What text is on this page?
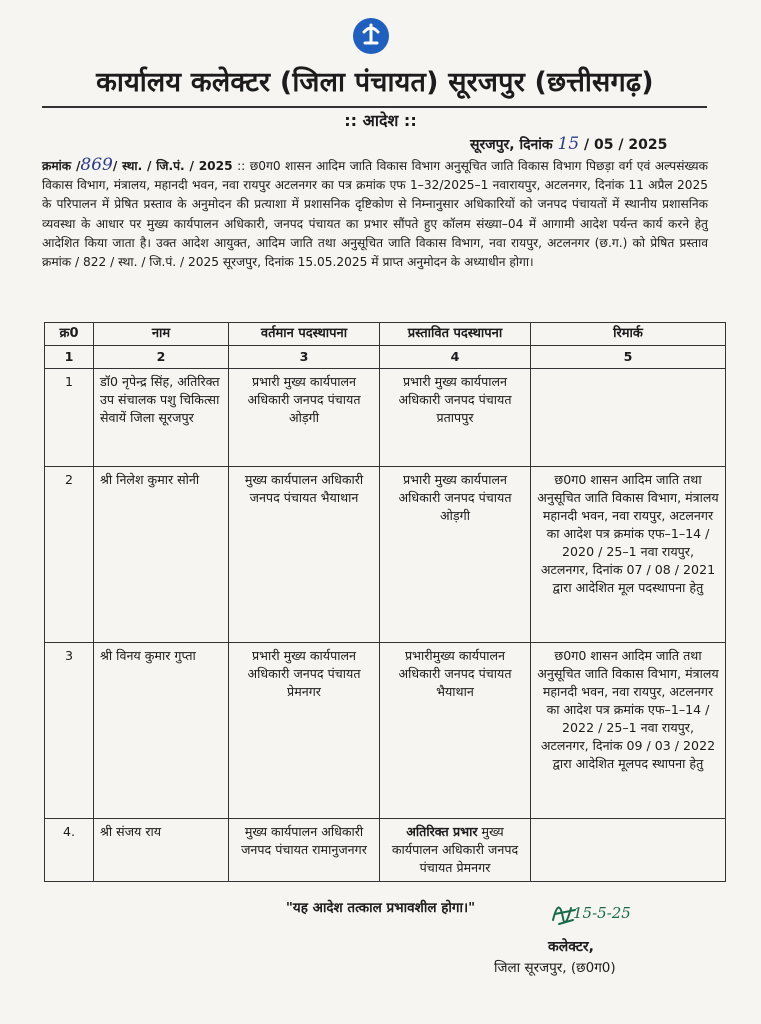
कार्यालय कलेक्टर (जिला पंचायत) सूरजपुर (छत्तीसगढ़)
:: आदेश ::
सूरजपुर, दिनांक 15 / 05 / 2025
क्रमांक /869/ स्था. / जि.पं. / 2025 :: छ0ग0 शासन आदिम जाति विकास विभाग अनुसूचित जाति विकास विभाग पिछड़ा वर्ग एवं अल्पसंख्यक विकास विभाग, मंत्रालय, महानदी भवन, नवा रायपुर अटलनगर का पत्र क्रमांक एफ 1–32/2025–1 नवारायपुर, अटलनगर, दिनांक 11 अप्रैल 2025 के परिपालन में प्रेषित प्रस्ताव के अनुमोदन की प्रत्याशा में प्रशासनिक दृष्टिकोण से निम्नानुसार अधिकारियों को जनपद पंचायतों में स्थानीय प्रशासनिक व्यवस्था के आधार पर मुख्य कार्यपालन अधिकारी, जनपद पंचायत का प्रभार सौंपते हुए कॉलम संख्या–04 में आगामी आदेश पर्यन्त कार्य करने हेतु आदेशित किया जाता है। उक्त आदेश आयुक्त, आदिम जाति तथा अनुसूचित जाति विकास विभाग, नवा रायपुर, अटलनगर (छ.ग.) को प्रेषित प्रस्ताव क्रमांक / 822 / स्था. / जि.पं. / 2025 सूरजपुर, दिनांक 15.05.2025 में प्राप्त अनुमोदन के अध्याधीन होगा।
क्र0	नाम	वर्तमान पदस्थापना	प्रस्तावित पदस्थापना	रिमार्क
1	2	3	4	5
1	डॉ0 नृपेन्द्र सिंह, अतिरिक्त उप संचालक पशु चिकित्सा सेवायें जिला सूरजपुर	प्रभारी मुख्य कार्यपालन अधिकारी जनपद पंचायत ओड़गी	प्रभारी मुख्य कार्यपालन अधिकारी जनपद पंचायत प्रतापपुर	
2	श्री निलेश कुमार सोनी	मुख्य कार्यपालन अधिकारी जनपद पंचायत भैयाथान	प्रभारी मुख्य कार्यपालन अधिकारी जनपद पंचायत ओड़गी	छ0ग0 शासन आदिम जाति तथा अनुसूचित जाति विकास विभाग, मंत्रालय महानदी भवन, नवा रायपुर, अटलनगर का आदेश पत्र क्रमांक एफ–1–14 / 2020 / 25–1 नवा रायपुर, अटलनगर, दिनांक 07 / 08 / 2021 द्वारा आदेशित मूल पदस्थापना हेतु
3	श्री विनय कुमार गुप्ता	प्रभारी मुख्य कार्यपालन अधिकारी जनपद पंचायत प्रेमनगर	प्रभारीमुख्य कार्यपालन अधिकारी जनपद पंचायत भैयाथान	छ0ग0 शासन आदिम जाति तथा अनुसूचित जाति विकास विभाग, मंत्रालय महानदी भवन, नवा रायपुर, अटलनगर का आदेश पत्र क्रमांक एफ–1–14 / 2022 / 25–1 नवा रायपुर, अटलनगर, दिनांक 09 / 03 / 2022 द्वारा आदेशित मूलपद स्थापना हेतु
4.	श्री संजय राय	मुख्य कार्यपालन अधिकारी जनपद पंचायत रामानुजनगर	अतिरिक्त प्रभार मुख्य कार्यपालन अधिकारी जनपद पंचायत प्रेमनगर	
"यह आदेश तत्काल प्रभावशील होगा।"	15-5-25
कलेक्टर,
जिला सूरजपुर, (छ0ग0)
